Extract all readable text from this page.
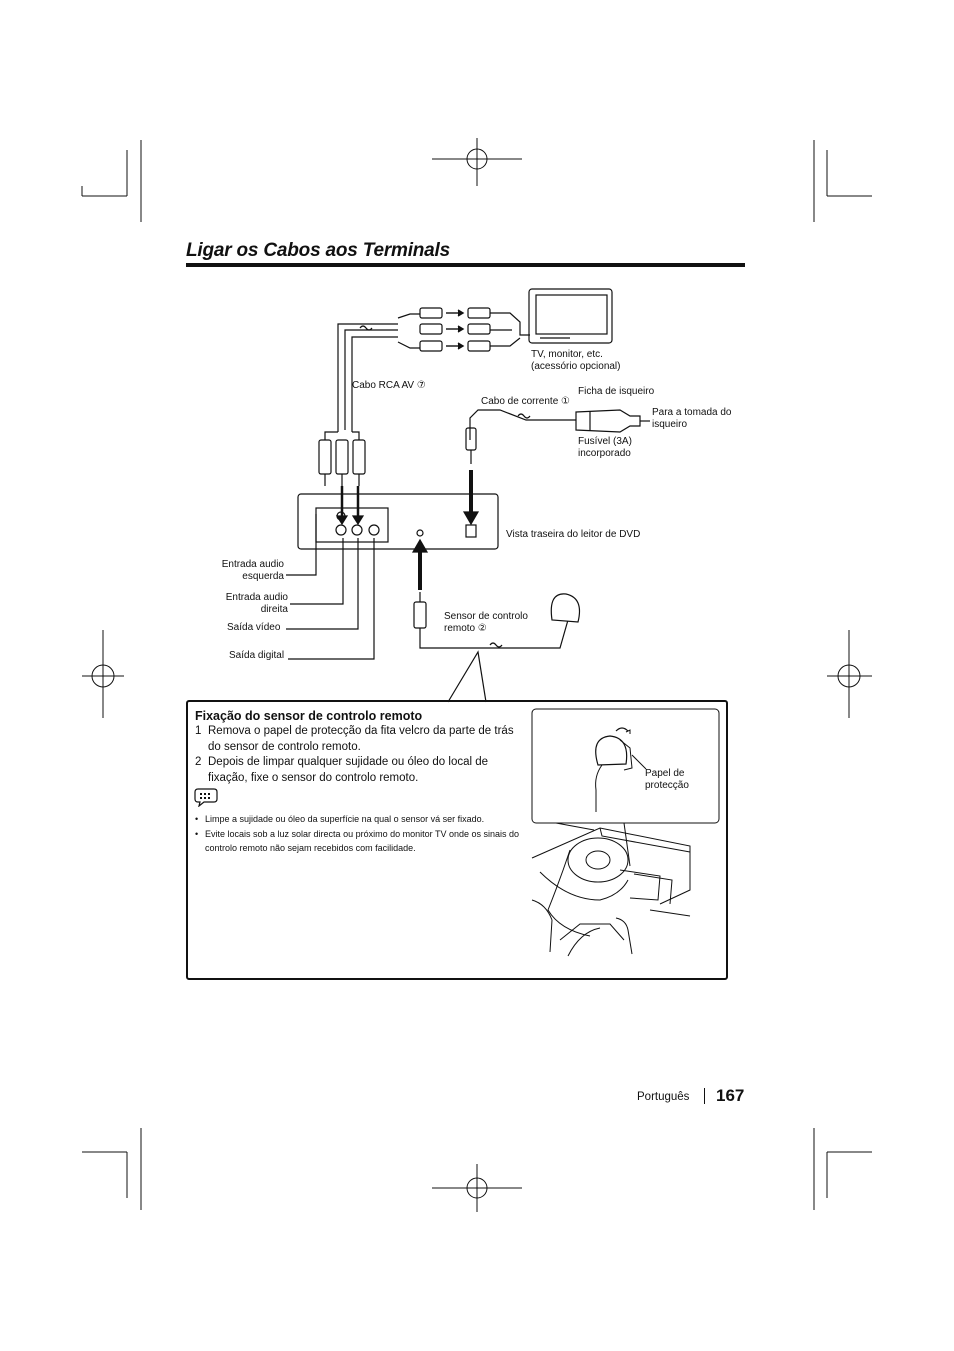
Ligar os Cabos aos Terminals
TV, monitor, etc. (acessório opcional)
Cabo RCA AV ⑦
Ficha de isqueiro
Cabo de corrente ①
Para a tomada do isqueiro
Fusível (3A) incorporado
Vista traseira do leitor de DVD
Entrada audio esquerda
Entrada audio direita
Saída vídeo
Saída digital
Sensor de controlo remoto ②
Fixação do sensor de controlo remoto
1 Remova o papel de protecção da fita velcro da parte de trás do sensor de controlo remoto.
2 Depois de limpar qualquer sujidade ou óleo do local de fixação, fixe o sensor do controlo remoto.
• Limpe a sujidade ou óleo da superfície na qual o sensor vá ser fixado.
• Evite locais sob a luz solar directa ou próximo do monitor TV onde os sinais do controlo remoto não sejam recebidos com facilidade.
Papel de protecção
Português 167
